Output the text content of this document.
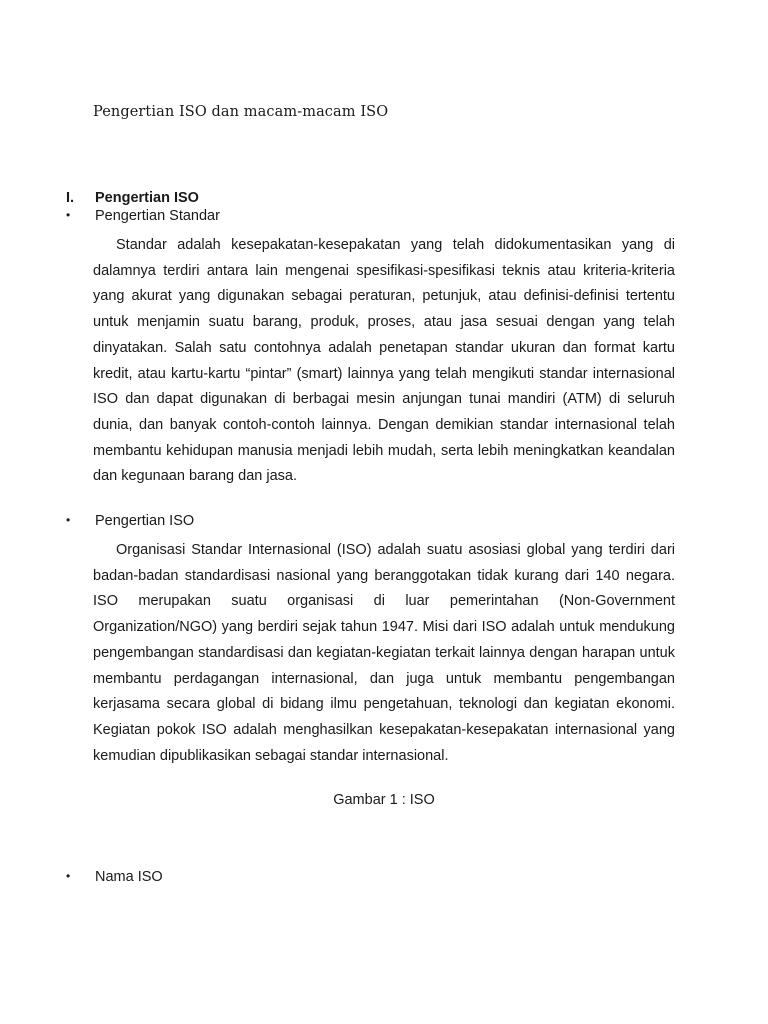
Pengertian ISO dan macam-macam ISO
I. Pengertian ISO
• Pengertian Standar
Standar adalah kesepakatan-kesepakatan yang telah didokumentasikan yang di dalamnya terdiri antara lain mengenai spesifikasi-spesifikasi teknis atau kriteria-kriteria yang akurat yang digunakan sebagai peraturan, petunjuk, atau definisi-definisi tertentu untuk menjamin suatu barang, produk, proses, atau jasa sesuai dengan yang telah dinyatakan. Salah satu contohnya adalah penetapan standar ukuran dan format kartu kredit, atau kartu-kartu “pintar” (smart) lainnya yang telah mengikuti standar internasional ISO dan dapat digunakan di berbagai mesin anjungan tunai mandiri (ATM) di seluruh dunia, dan banyak contoh-contoh lainnya. Dengan demikian standar internasional telah membantu kehidupan manusia menjadi lebih mudah, serta lebih meningkatkan keandalan dan kegunaan barang dan jasa.
• Pengertian ISO
Organisasi Standar Internasional (ISO) adalah suatu asosiasi global yang terdiri dari badan-badan standardisasi nasional yang beranggotakan tidak kurang dari 140 negara. ISO merupakan suatu organisasi di luar pemerintahan (Non-Government Organization/NGO) yang berdiri sejak tahun 1947. Misi dari ISO adalah untuk mendukung pengembangan standardisasi dan kegiatan-kegiatan terkait lainnya dengan harapan untuk membantu perdagangan internasional, dan juga untuk membantu pengembangan kerjasama secara global di bidang ilmu pengetahuan, teknologi dan kegiatan ekonomi. Kegiatan pokok ISO adalah menghasilkan kesepakatan-kesepakatan internasional yang kemudian dipublikasikan sebagai standar internasional.
Gambar 1 : ISO
• Nama ISO
